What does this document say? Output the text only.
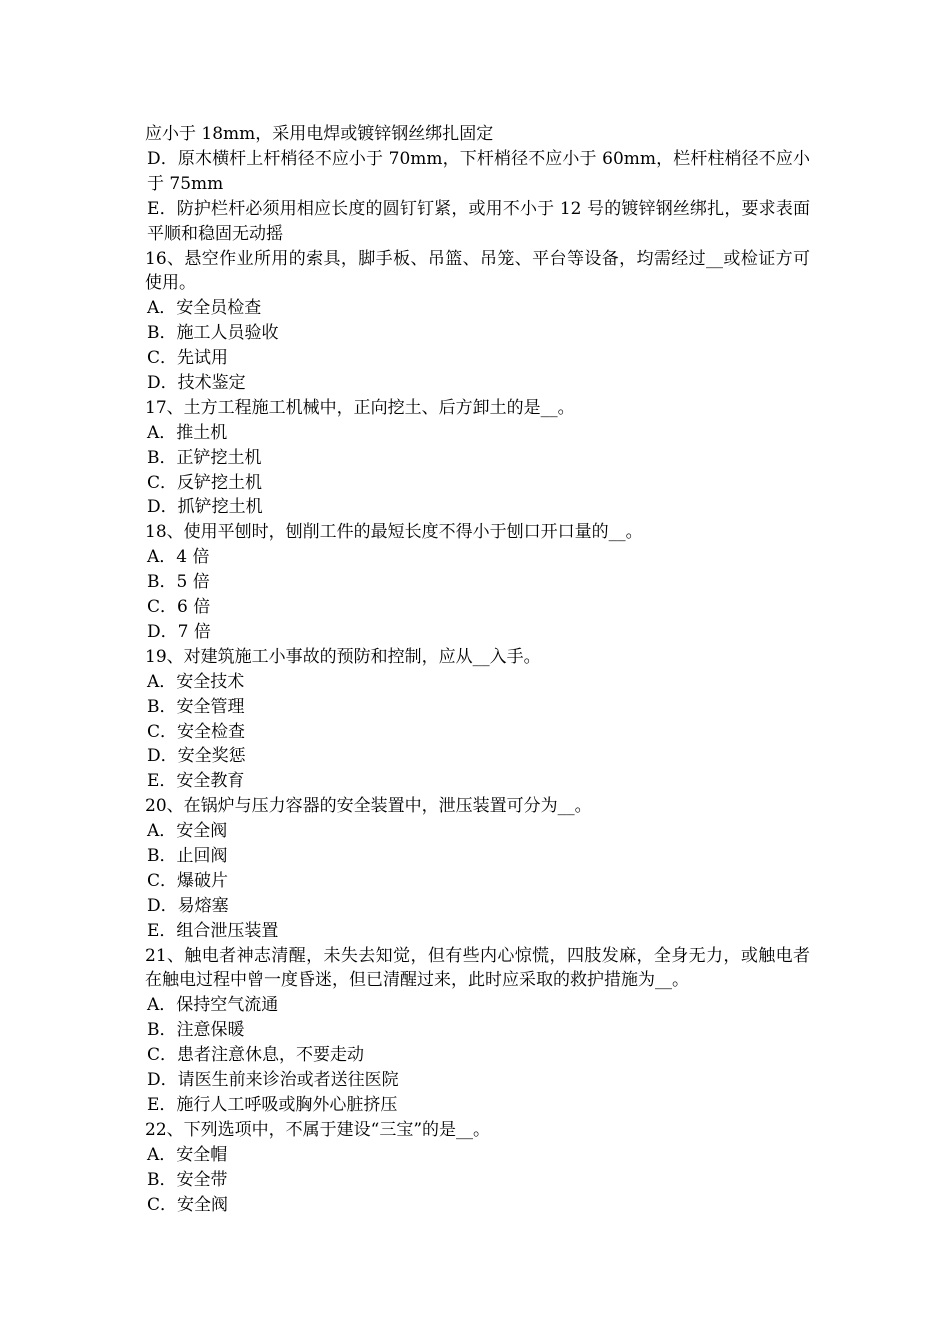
应小于 18mm，采用电焊或镀锌钢丝绑扎固定
D．原木横杆上杆梢径不应小于 70mm，下杆梢径不应小于 60mm，栏杆柱梢径不应小于 75mm
E．防护栏杆必须用相应长度的圆钉钉紧，或用不小于 12 号的镀锌钢丝绑扎，要求表面平顺和稳固无动摇
16、悬空作业所用的索具，脚手板、吊篮、吊笼、平台等设备，均需经过__或检证方可使用。
A．安全员检查
B．施工人员验收
C．先试用
D．技术鉴定
17、土方工程施工机械中，正向挖土、后方卸土的是__。
A．推土机
B．正铲挖土机
C．反铲挖土机
D．抓铲挖土机
18、使用平刨时，刨削工件的最短长度不得小于刨口开口量的__。
A．4 倍
B．5 倍
C．6 倍
D．7 倍
19、对建筑施工小事故的预防和控制，应从__入手。
A．安全技术
B．安全管理
C．安全检查
D．安全奖惩
E．安全教育
20、在锅炉与压力容器的安全装置中，泄压装置可分为__。
A．安全阀
B．止回阀
C．爆破片
D．易熔塞
E．组合泄压装置
21、触电者神志清醒，未失去知觉，但有些内心惊慌，四肢发麻，全身无力，或触电者在触电过程中曾一度昏迷，但已清醒过来，此时应采取的救护措施为__。
A．保持空气流通
B．注意保暖
C．患者注意休息，不要走动
D．请医生前来诊治或者送往医院
E．施行人工呼吸或胸外心脏挤压
22、下列选项中，不属于建设“三宝”的是__。
A．安全帽
B．安全带
C．安全阀
